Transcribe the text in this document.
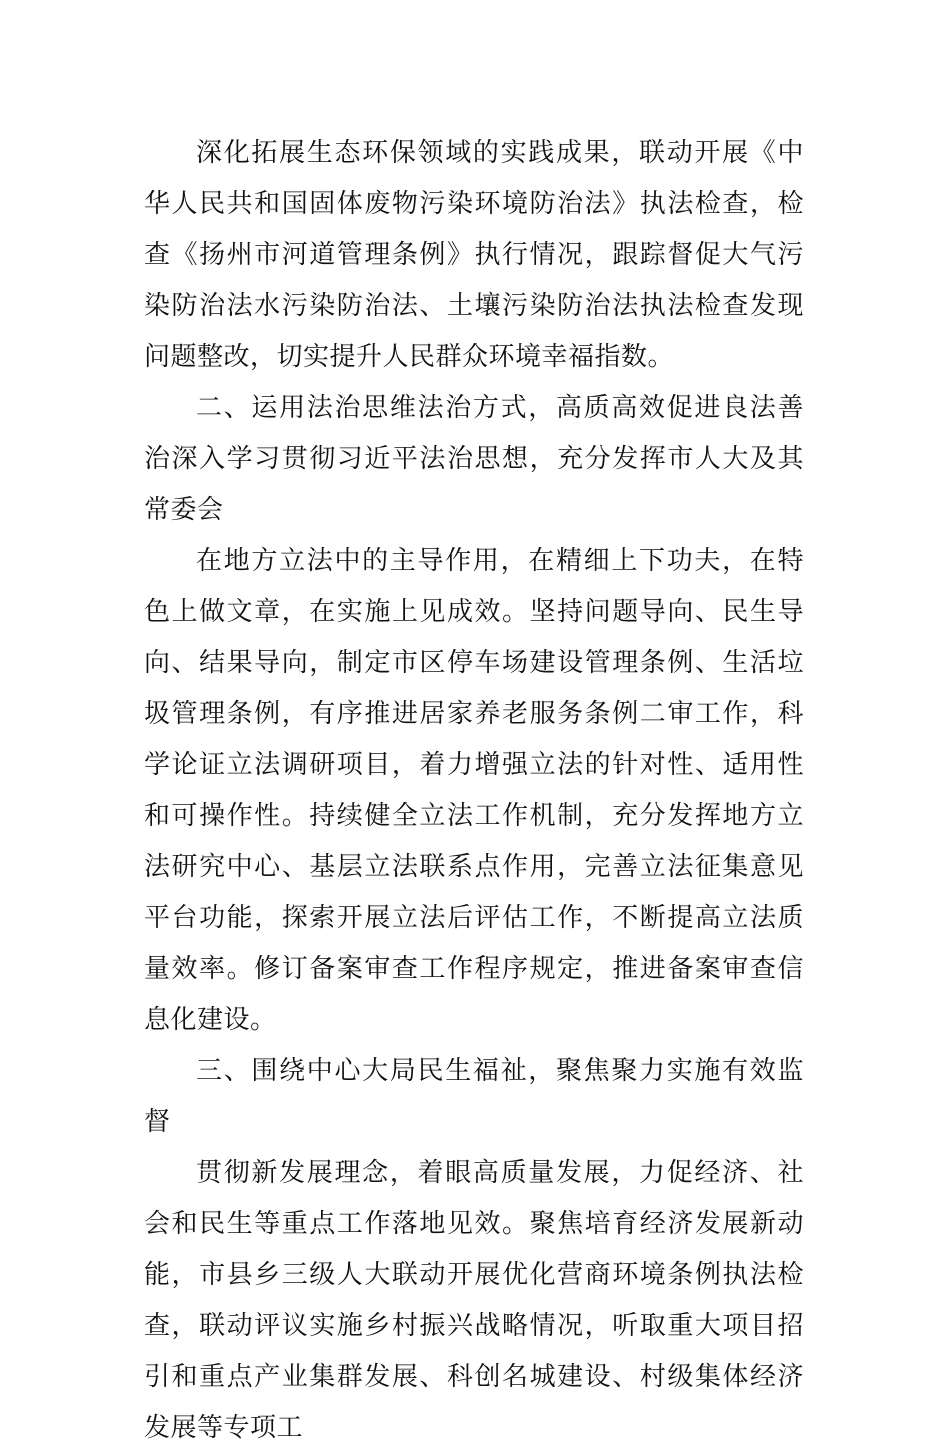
深化拓展生态环保领域的实践成果，联动开展《中华人民共和国固体废物污染环境防治法》执法检查，检查《扬州市河道管理条例》执行情况，跟踪督促大气污染防治法水污染防治法、土壤污染防治法执法检查发现问题整改，切实提升人民群众环境幸福指数。

二、运用法治思维法治方式，高质高效促进良法善治深入学习贯彻习近平法治思想，充分发挥市人大及其常委会

在地方立法中的主导作用，在精细上下功夫，在特色上做文章，在实施上见成效。坚持问题导向、民生导向、结果导向，制定市区停车场建设管理条例、生活垃圾管理条例，有序推进居家养老服务条例二审工作，科学论证立法调研项目，着力增强立法的针对性、适用性和可操作性。持续健全立法工作机制，充分发挥地方立法研究中心、基层立法联系点作用，完善立法征集意见平台功能，探索开展立法后评估工作，不断提高立法质量效率。修订备案审查工作程序规定，推进备案审查信息化建设。

三、围绕中心大局民生福祉，聚焦聚力实施有效监督

贯彻新发展理念，着眼高质量发展，力促经济、社会和民生等重点工作落地见效。聚焦培育经济发展新动能，市县乡三级人大联动开展优化营商环境条例执法检查，联动评议实施乡村振兴战略情况，听取重大项目招引和重点产业集群发展、科创名城建设、村级集体经济发展等专项工
